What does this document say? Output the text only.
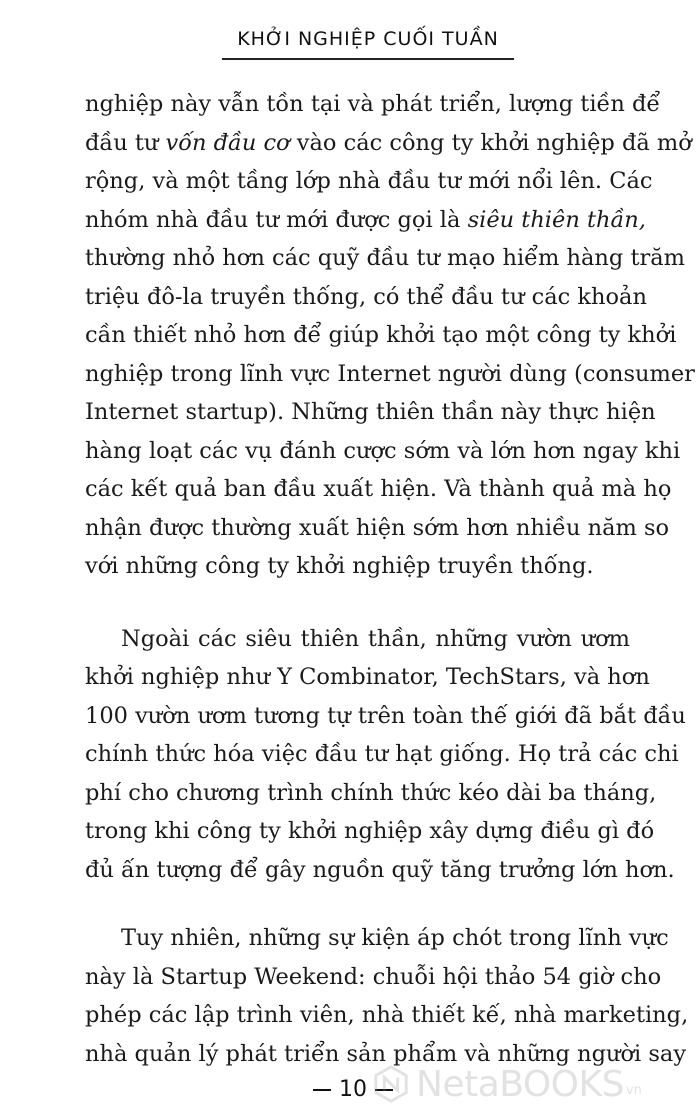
KHỞI NGHIỆP CUỐI TUẦN
nghiệp này vẫn tồn tại và phát triển, lượng tiền để
đầu tư vốn đầu cơ vào các công ty khởi nghiệp đã mở
rộng, và một tầng lớp nhà đầu tư mới nổi lên. Các
nhóm nhà đầu tư mới được gọi là siêu thiên thần,
thường nhỏ hơn các quỹ đầu tư mạo hiểm hàng trăm
triệu đô-la truyền thống, có thể đầu tư các khoản
cần thiết nhỏ hơn để giúp khởi tạo một công ty khởi
nghiệp trong lĩnh vực Internet người dùng (consumer
Internet startup). Những thiên thần này thực hiện
hàng loạt các vụ đánh cược sớm và lớn hơn ngay khi
các kết quả ban đầu xuất hiện. Và thành quả mà họ
nhận được thường xuất hiện sớm hơn nhiều năm so
với những công ty khởi nghiệp truyền thống.
Ngoài các siêu thiên thần, những vườn ươm
khởi nghiệp như Y Combinator, TechStars, và hơn
100 vườn ươm tương tự trên toàn thế giới đã bắt đầu
chính thức hóa việc đầu tư hạt giống. Họ trả các chi
phí cho chương trình chính thức kéo dài ba tháng,
trong khi công ty khởi nghiệp xây dựng điều gì đó
đủ ấn tượng để gây nguồn quỹ tăng trưởng lớn hơn.
Tuy nhiên, những sự kiện áp chót trong lĩnh vực
này là Startup Weekend: chuỗi hội thảo 54 giờ cho
phép các lập trình viên, nhà thiết kế, nhà marketing,
nhà quản lý phát triển sản phẩm và những người say
10	NetaBOOKS vn
